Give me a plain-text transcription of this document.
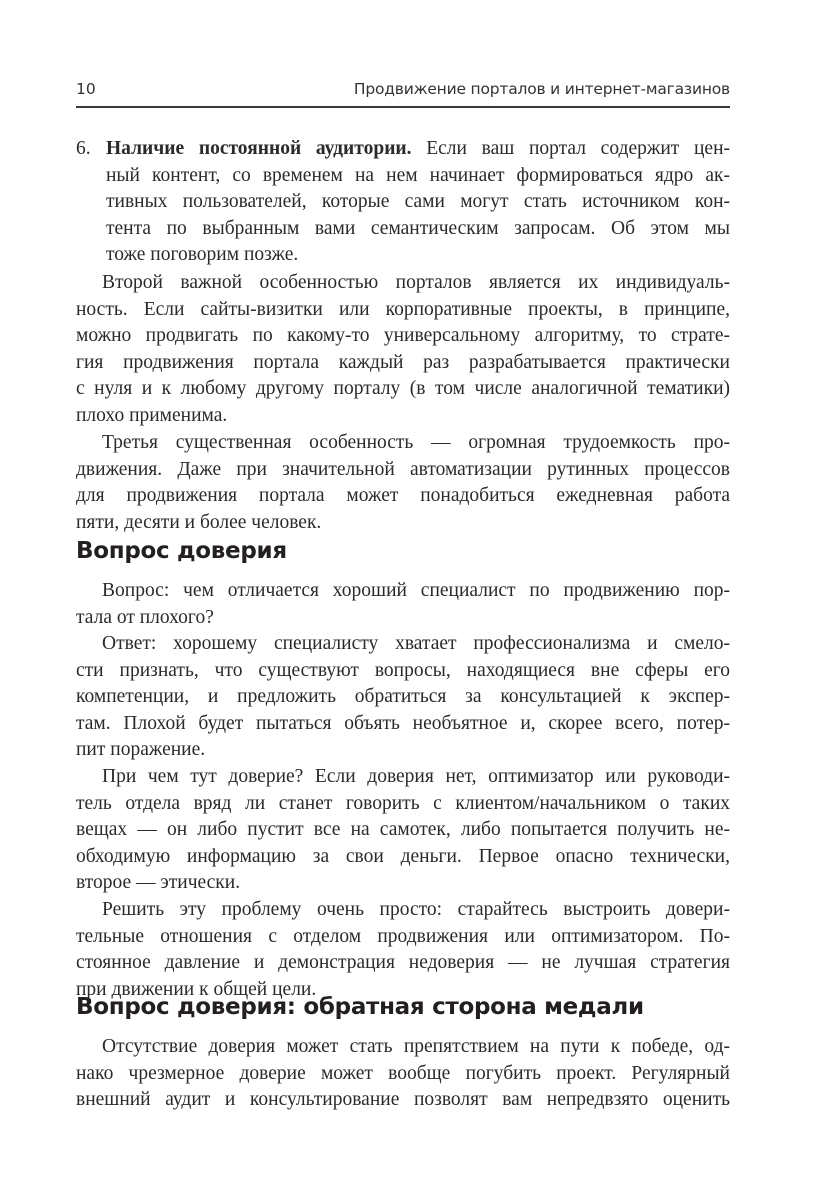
10	Продвижение порталов и интернет-магазинов
6. Наличие постоянной аудитории. Если ваш портал содержит цен-
ный контент, со временем на нем начинает формироваться ядро ак-
тивных пользователей, которые сами могут стать источником кон-
тента по выбранным вами семантическим запросам. Об этом мы
тоже поговорим позже.
Второй важной особенностью порталов является их индивидуаль-
ность. Если сайты-визитки или корпоративные проекты, в принципе,
можно продвигать по какому-то универсальному алгоритму, то страте-
гия продвижения портала каждый раз разрабатывается практически
с нуля и к любому другому порталу (в том числе аналогичной тематики)
плохо применима.
Третья существенная особенность — огромная трудоемкость про-
движения. Даже при значительной автоматизации рутинных процессов
для продвижения портала может понадобиться ежедневная работа
пяти, десяти и более человек.
Вопрос доверия
Вопрос: чем отличается хороший специалист по продвижению пор-
тала от плохого?
Ответ: хорошему специалисту хватает профессионализма и смело-
сти признать, что существуют вопросы, находящиеся вне сферы его
компетенции, и предложить обратиться за консультацией к экспер-
там. Плохой будет пытаться объять необъятное и, скорее всего, потер-
пит поражение.
При чем тут доверие? Если доверия нет, оптимизатор или руководи-
тель отдела вряд ли станет говорить с клиентом/начальником о таких
вещах — он либо пустит все на самотек, либо попытается получить не-
обходимую информацию за свои деньги. Первое опасно технически,
второе — этически.
Решить эту проблему очень просто: старайтесь выстроить довери-
тельные отношения с отделом продвижения или оптимизатором. По-
стоянное давление и демонстрация недоверия — не лучшая стратегия
при движении к общей цели.
Вопрос доверия: обратная сторона медали
Отсутствие доверия может стать препятствием на пути к победе, од-
нако чрезмерное доверие может вообще погубить проект. Регулярный
внешний аудит и консультирование позволят вам непредвзято оценить
